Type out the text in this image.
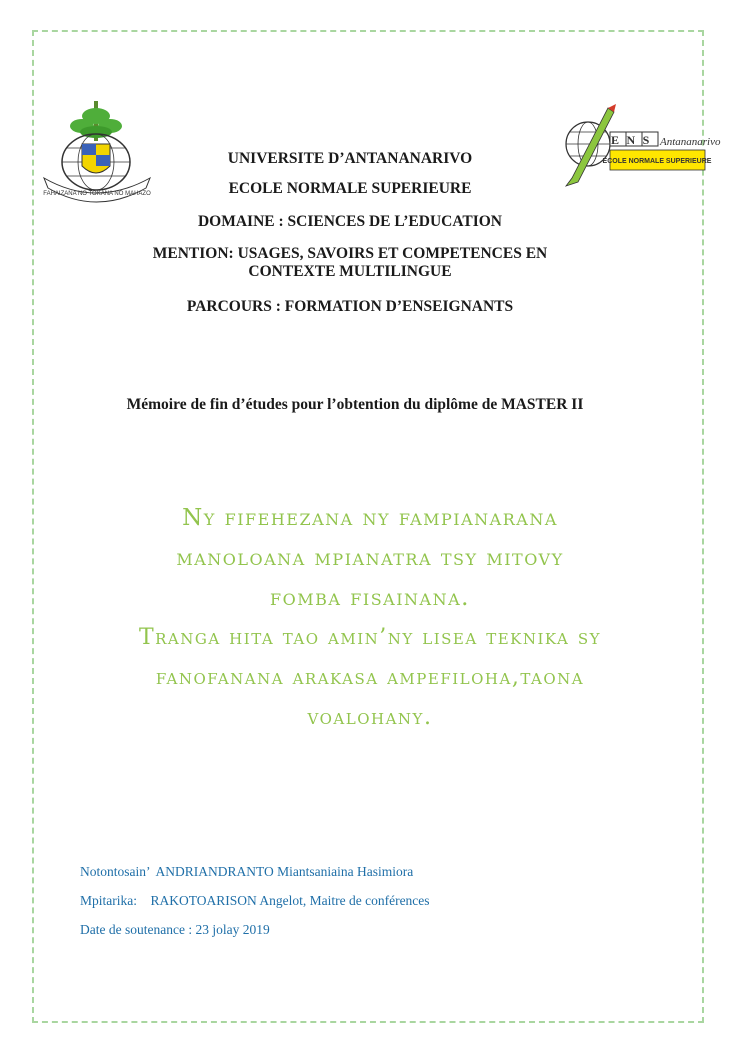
FAHAIZANA NO TOKANA NO MAHAZO
ENS Antananarivo
ECOLE NORMALE SUPERIEURE
UNIVERSITE D’ANTANANARIVO
ECOLE NORMALE SUPERIEURE
DOMAINE : SCIENCES DE L’EDUCATION
MENTION: USAGES, SAVOIRS ET COMPETENCES EN
CONTEXTE MULTILINGUE
PARCOURS : FORMATION D’ENSEIGNANTS
Mémoire de fin d’études pour l’obtention du diplôme de MASTER II
Ny fifehezana ny fampianarana
manoloana mpianatra tsy mitovy
fomba fisainana.
Tranga hita tao amin’ny lisea teknika sy
fanofanana arakasa ampefiloha,taona
voalohany.
Notontosain’  ANDRIANDRANTO Miantsaniaina Hasimiora
Mpitarika:    RAKOTOARISON Angelot, Maitre de conférences
Date de soutenance : 23 jolay 2019
